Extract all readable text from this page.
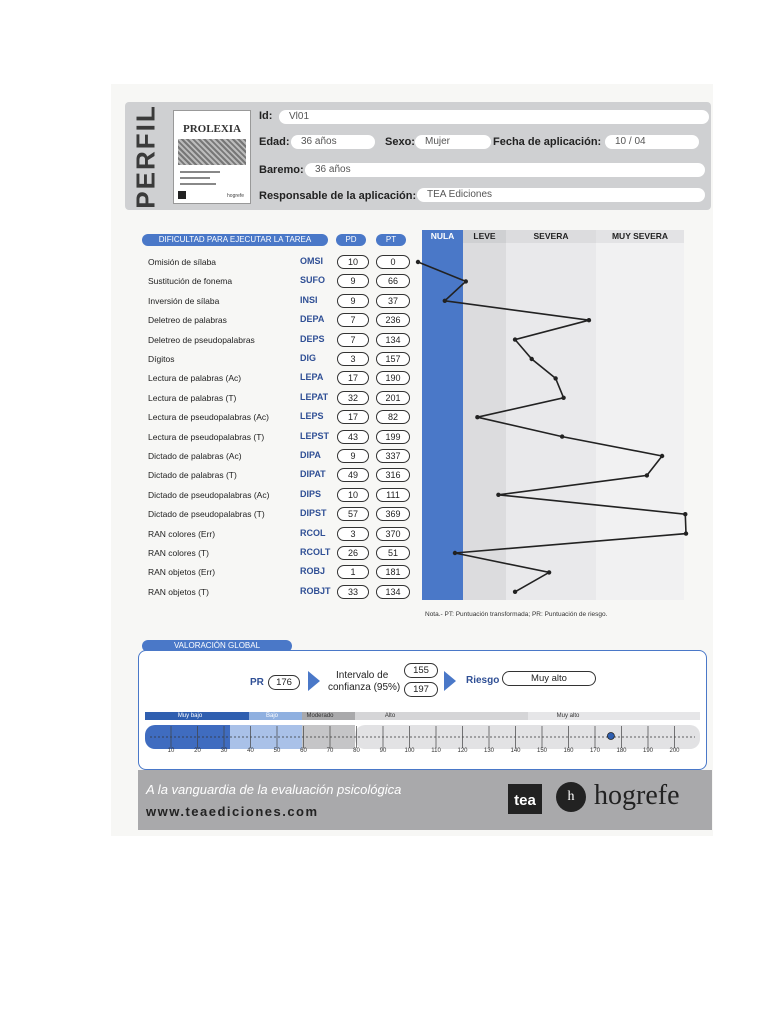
PERFIL	PROLEXIA
hogrefe
Id:	Vl01
Edad:	36 años	Sexo:	Mujer	Fecha de aplicación:	10 / 04
Baremo:	36 años
Responsable de la aplicación:	TEA Ediciones
DIFICULTAD PARA EJECUTAR LA TAREA	PD	PT	NULA	LEVE	SEVERA	MUY SEVERA
Omisión de sílaba	OMSI	10	0
Sustitución de fonema	SUFO	9	66
Inversión de sílaba	INSI	9	37
Deletreo de palabras	DEPA	7	236
Deletreo de pseudopalabras	DEPS	7	134
Dígitos	DIG	3	157
Lectura de palabras (Ac)	LEPA	17	190
Lectura de palabras (T)	LEPAT	32	201
Lectura de pseudopalabras (Ac)	LEPS	17	82
Lectura de pseudopalabras (T)	LEPST	43	199
Dictado de palabras (Ac)	DIPA	9	337
Dictado de palabras (T)	DIPAT	49	316
Dictado de pseudopalabras (Ac)	DIPS	10	111
Dictado de pseudopalabras (T)	DIPST	57	369
RAN colores (Err)	RCOL	3	370
RAN colores (T)	RCOLT	26	51
RAN objetos (Err)	ROBJ	1	181
RAN objetos (T)	ROBJT	33	134
Nota.- PT: Puntuación transformada; PR: Puntuación de riesgo.
VALORACIÓN GLOBAL
PR	176
Intervalo de
confianza (95%)
155
197
Riesgo	Muy alto
Muy bajo	Bajo	Moderado	Alto	Muy alto
10	20	30	40	50	60	70	80	90	100	110	120	130	140	150	160	170	180	190	200
A la vanguardia de la evaluación psicológica
www.teaediciones.com
tea	h hogrefe
